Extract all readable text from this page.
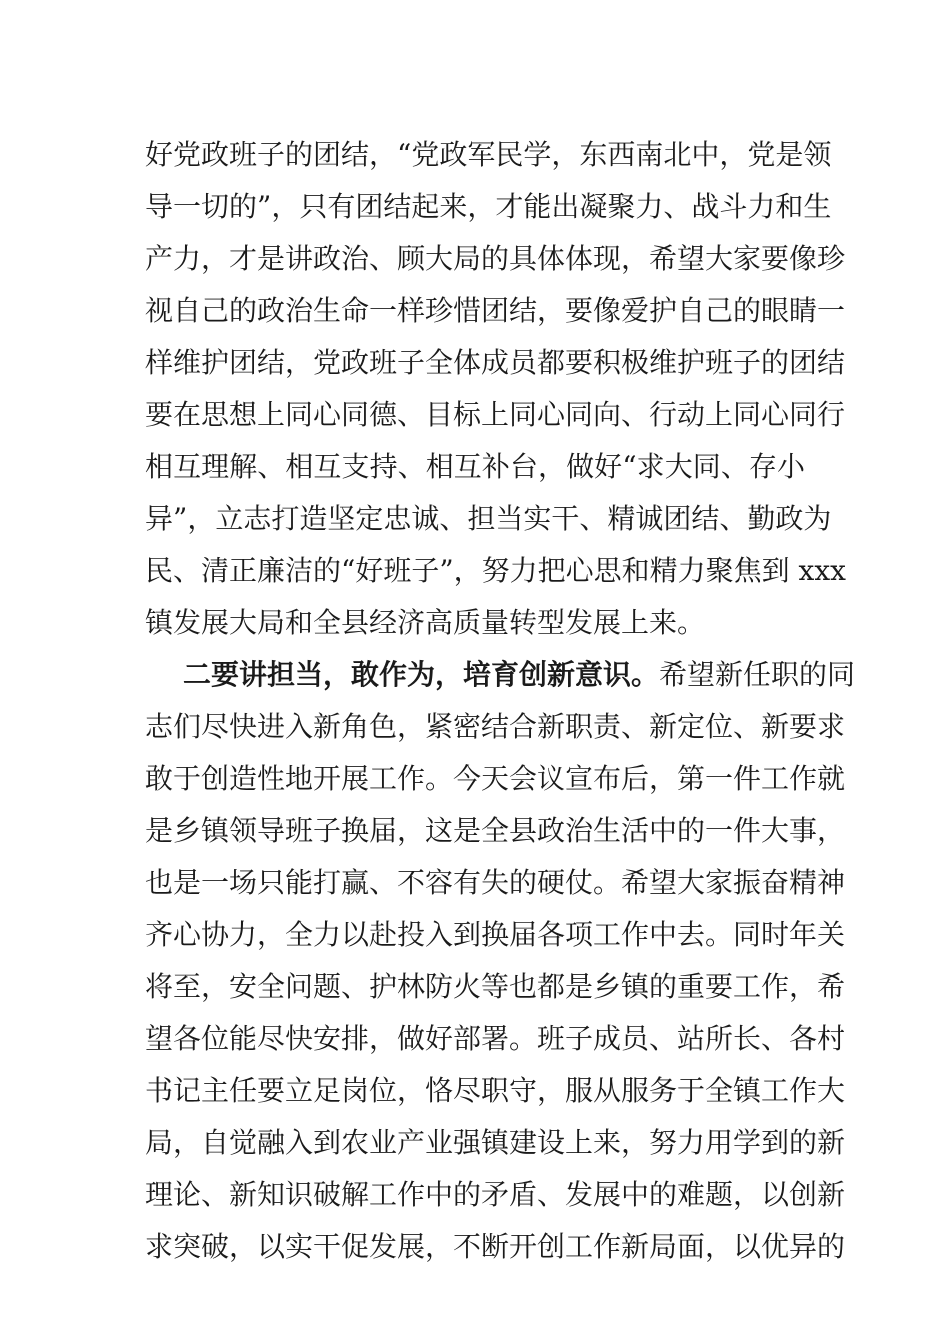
好党政班子的团结，“党政军民学，东西南北中，党是领
导一切的”，只有团结起来，才能出凝聚力、战斗力和生
产力，才是讲政治、顾大局的具体体现，希望大家要像珍
视自己的政治生命一样珍惜团结，要像爱护自己的眼睛一
样维护团结，党政班子全体成员都要积极维护班子的团结
要在思想上同心同德、目标上同心同向、行动上同心同行
相互理解、相互支持、相互补台，做好“求大同、存小
异”，立志打造坚定忠诚、担当实干、精诚团结、勤政为
民、清正廉洁的“好班子”，努力把心思和精力聚焦到 xxx
镇发展大局和全县经济高质量转型发展上来。
二要讲担当，敢作为，培育创新意识。希望新任职的同
志们尽快进入新角色，紧密结合新职责、新定位、新要求
敢于创造性地开展工作。今天会议宣布后，第一件工作就
是乡镇领导班子换届，这是全县政治生活中的一件大事，
也是一场只能打赢、不容有失的硬仗。希望大家振奋精神
齐心协力，全力以赴投入到换届各项工作中去。同时年关
将至，安全问题、护林防火等也都是乡镇的重要工作，希
望各位能尽快安排，做好部署。班子成员、站所长、各村
书记主任要立足岗位，恪尽职守，服从服务于全镇工作大
局，自觉融入到农业产业强镇建设上来，努力用学到的新
理论、新知识破解工作中的矛盾、发展中的难题，以创新
求突破，以实干促发展，不断开创工作新局面，以优异的
